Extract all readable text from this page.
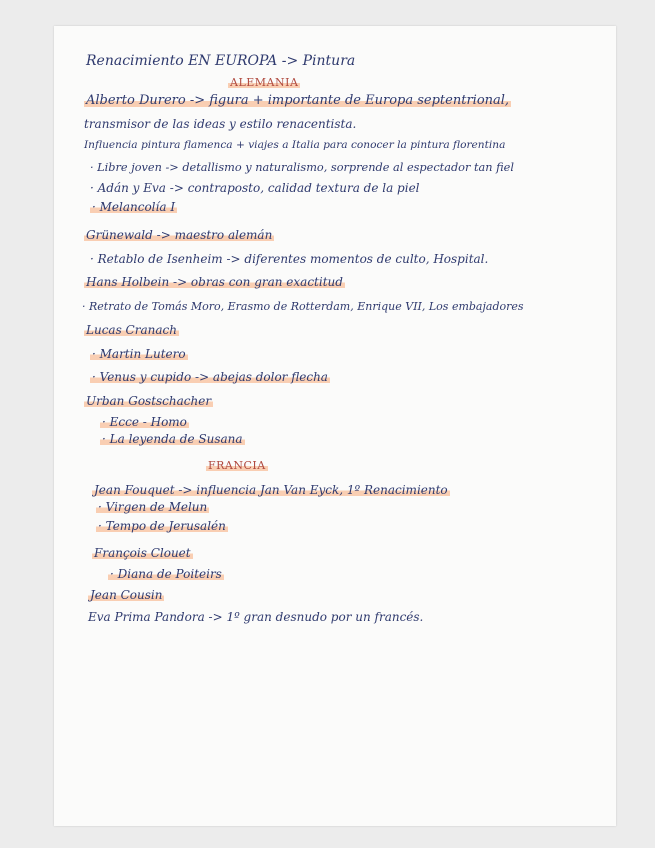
Renacimiento EN EUROPA -> Pintura
ALEMANIA
Alberto Durero -> figura + importante de Europa septentrional,
transmisor de las ideas y estilo renacentista.
Influencia pintura flamenca + viajes a Italia para conocer la pintura florentina
· Libre joven -> detallismo y naturalismo, sorprende al espectador tan fiel
· Adán y Eva -> contraposto, calidad textura de la piel
· Melancolía I
Grünewald -> maestro alemán
· Retablo de Isenheim -> diferentes momentos de culto, Hospital.
Hans Holbein -> obras con gran exactitud
· Retrato de Tomás Moro, Erasmo de Rotterdam, Enrique VII, Los embajadores
Lucas Cranach
· Martin Lutero
· Venus y cupido -> abejas dolor flecha
Urban Gostschacher
· Ecce - Homo
· La leyenda de Susana
FRANCIA
Jean Fouquet -> influencia Jan Van Eyck, 1º Renacimiento
· Virgen de Melun
· Tempo de Jerusalén
François Clouet
· Diana de Poiteirs
Jean Cousin
Eva Prima Pandora -> 1º gran desnudo por un francés.
